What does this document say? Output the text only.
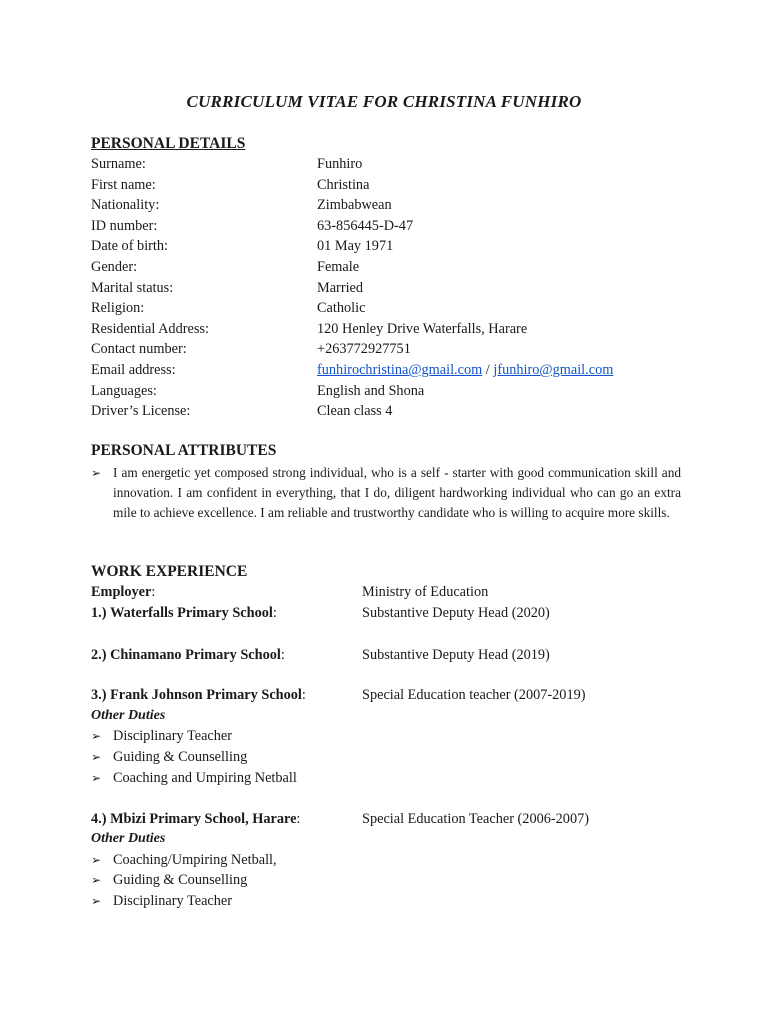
CURRICULUM VITAE FOR CHRISTINA FUNHIRO
PERSONAL DETAILS
Surname:	Funhiro
First name:	Christina
Nationality:	Zimbabwean
ID number:	63-856445-D-47
Date of birth:	01 May 1971
Gender:	Female
Marital status:	Married
Religion:	Catholic
Residential Address:	120 Henley Drive Waterfalls, Harare
Contact number:	+263772927751
Email address:	funhirochristina@gmail.com / jfunhiro@gmail.com
Languages:	English and Shona
Driver’s License:	Clean class 4
PERSONAL ATTRIBUTES
➢ I am energetic yet composed strong individual, who is a self - starter with good communication skill and innovation. I am confident in everything, that I do, diligent hardworking individual who can go an extra mile to achieve excellence. I am reliable and trustworthy candidate who is willing to acquire more skills.
WORK EXPERIENCE
Employer:	Ministry of Education
1.) Waterfalls Primary School:	Substantive Deputy Head (2020)
2.) Chinamano Primary School:	Substantive Deputy Head (2019)
3.) Frank Johnson Primary School:	Special Education teacher (2007-2019)
Other Duties
➢ Disciplinary Teacher
➢ Guiding & Counselling
➢ Coaching and Umpiring Netball
4.) Mbizi Primary School, Harare:	Special Education Teacher (2006-2007)
Other Duties
➢ Coaching/Umpiring Netball,
➢ Guiding & Counselling
➢ Disciplinary Teacher
